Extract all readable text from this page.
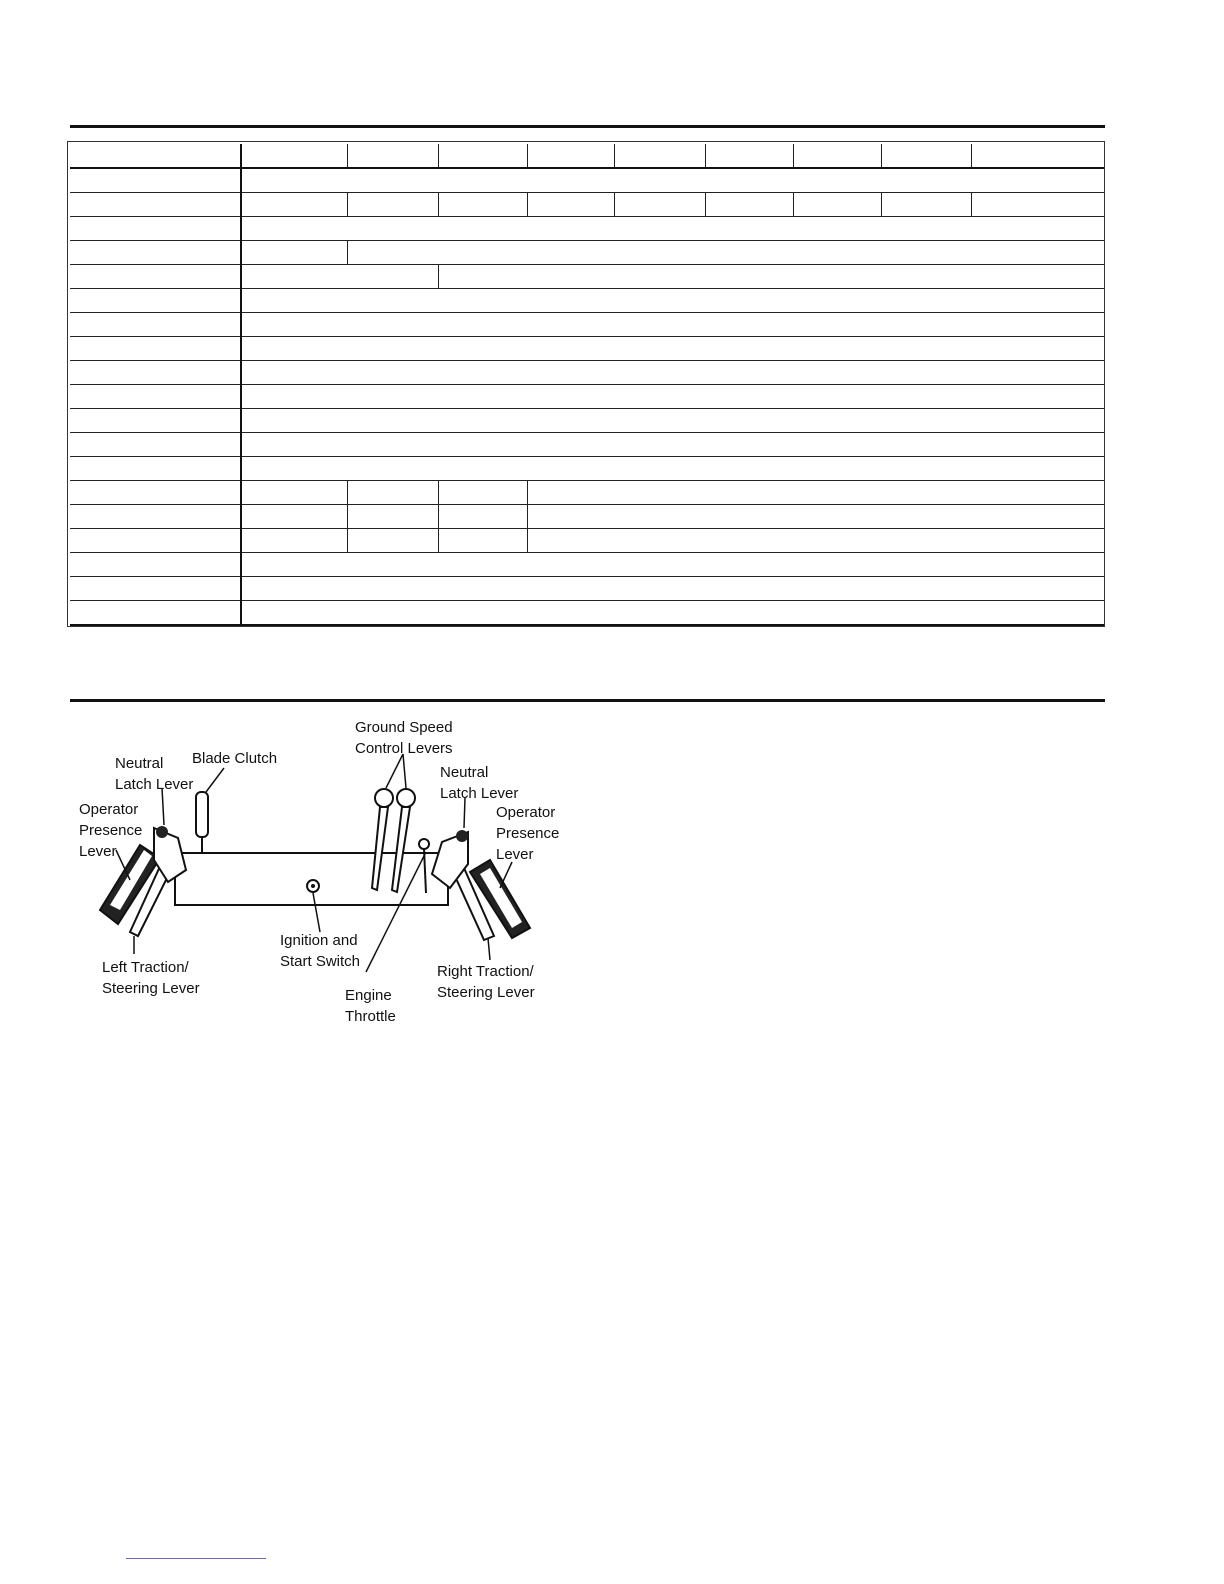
Neutral
Latch Lever
Blade Clutch
Operator
Presence
Lever
Left Traction/
Steering Lever
Ignition and
Start Switch
Ground Speed
Control Levers
Neutral
Latch Lever
Operator
Presence
Lever
Engine
Throttle
Right Traction/
Steering Lever
